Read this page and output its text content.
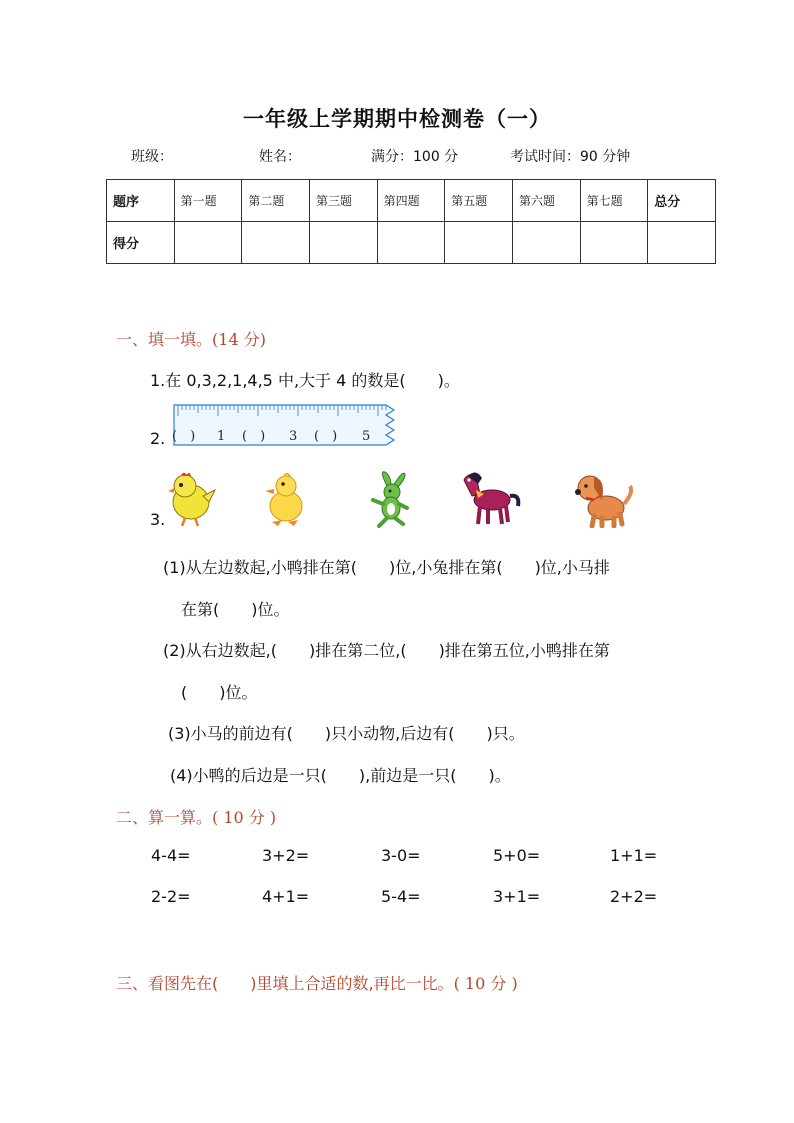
一年级上学期期中检测卷（一）
班级：	姓名：	满分：100 分	考试时间：90 分钟
题序	第一题	第二题	第三题	第四题	第五题	第六题	第七题	总分
得分								
一、填一填。(14 分)
1.在 0,3,2,1,4,5 中,大于 4 的数是(　　)。
2. (　) 1 (　) 3 (　) 5
3.
(1)从左边数起,小鸭排在第(　　)位,小兔排在第(　　)位,小马排
在第(　　)位。
(2)从右边数起,(　　)排在第二位,(　　)排在第五位,小鸭排在第
(　　)位。
(3)小马的前边有(　　)只小动物,后边有(　　)只。
(4)小鸭的后边是一只(　　),前边是一只(　　)。
二、算一算。( 10 分 )
4-4=	3+2=	3-0=	5+0=	1+1=
2-2=	4+1=	5-4=	3+1=	2+2=
三、看图先在(　　)里填上合适的数,再比一比。( 10 分 )
